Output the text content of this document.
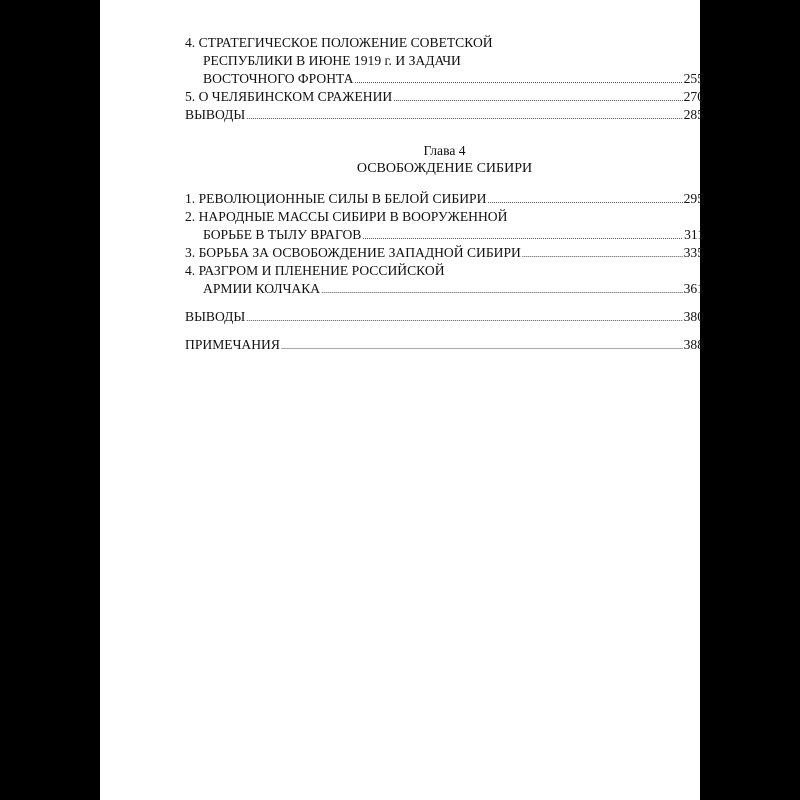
4. СТРАТЕГИЧЕСКОЕ ПОЛОЖЕНИЕ СОВЕТСКОЙ
РЕСПУБЛИКИ В ИЮНЕ 1919 г. И ЗАДАЧИ
ВОСТОЧНОГО ФРОНТА .....	255
5. О ЧЕЛЯБИНСКОМ СРАЖЕНИИ .....	270
ВЫВОДЫ .....	285
Глава 4
ОСВОБОЖДЕНИЕ СИБИРИ
1. РЕВОЛЮЦИОННЫЕ СИЛЫ В БЕЛОЙ СИБИРИ .....	295
2. НАРОДНЫЕ МАССЫ СИБИРИ В ВООРУЖЕННОЙ
БОРЬБЕ В ТЫЛУ ВРАГОВ .....	311
3. БОРЬБА ЗА ОСВОБОЖДЕНИЕ ЗАПАДНОЙ СИБИРИ .....	335
4. РАЗГРОМ И ПЛЕНЕНИЕ РОССИЙСКОЙ
АРМИИ КОЛЧАКА .....	361
ВЫВОДЫ .....	380
ПРИМЕЧАНИЯ .....	388
